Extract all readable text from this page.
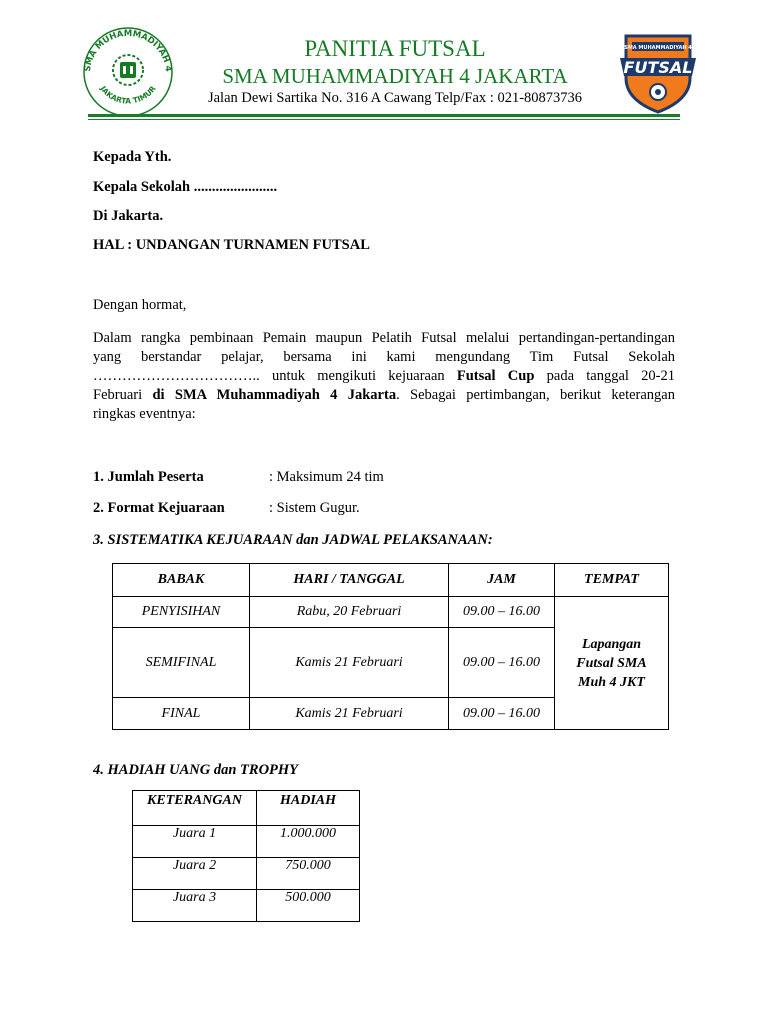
SMA MUHAMMADIYAH 4
JAKARTA TIMUR
SMA MUHAMMADIYAH 4
FUTSAL
PANITIA FUTSAL
SMA MUHAMMADIYAH 4 JAKARTA
Jalan Dewi Sartika No. 316 A Cawang Telp/Fax : 021-80873736
Kepada Yth.
Kepala Sekolah .......................
Di Jakarta.
HAL : UNDANGAN TURNAMEN FUTSAL
Dengan hormat,
Dalam rangka pembinaan Pemain maupun Pelatih Futsal melalui pertandingan-pertandingan
yang berstandar pelajar, bersama ini kami mengundang Tim Futsal Sekolah
…………………………….. untuk mengikuti kejuaraan Futsal Cup pada tanggal 20-21
Februari di SMA Muhammadiyah 4 Jakarta. Sebagai pertimbangan, berikut keterangan
ringkas eventnya:
1. Jumlah Peserta	: Maksimum 24 tim
2. Format Kejuaraan	: Sistem Gugur.
3. SISTEMATIKA KEJUARAAN dan JADWAL PELAKSANAAN:
BABAK	HARI / TANGGAL	JAM	TEMPAT
PENYISIHAN	Rabu, 20 Februari	09.00 – 16.00	Lapangan
Futsal SMA
Muh 4 JKT
SEMIFINAL	Kamis 21 Februari	09.00 – 16.00	
FINAL	Kamis 21 Februari	09.00 – 16.00	
4. HADIAH UANG dan TROPHY
KETERANGAN	HADIAH
Juara 1	1.000.000
Juara 2	750.000
Juara 3	500.000
